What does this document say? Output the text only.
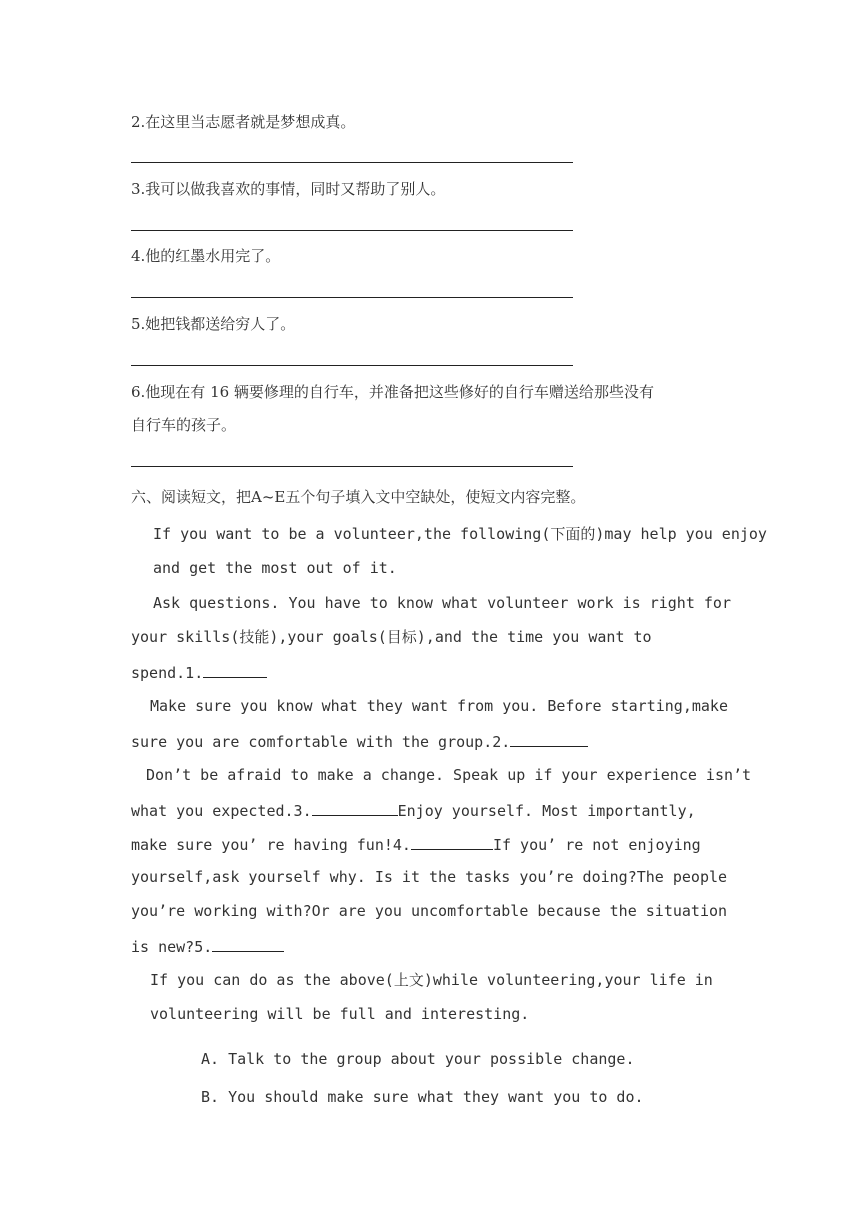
2.在这里当志愿者就是梦想成真。
3.我可以做我喜欢的事情，同时又帮助了别人。
4.他的红墨水用完了。
5.她把钱都送给穷人了。
6.他现在有 16 辆要修理的自行车，并准备把这些修好的自行车赠送给那些没有
自行车的孩子。
六、阅读短文，把A~E五个句子填入文中空缺处，使短文内容完整。
If you want to be a volunteer,the following(下面的)may help you enjoy
and get the most out of it.
Ask questions. You have to know what volunteer work is right for
your skills(技能),your goals(目标),and the time you want to
spend.1.
Make sure you know what they want from you. Before starting,make
sure you are comfortable with the group.2.
Don’t be afraid to make a change. Speak up if your experience isn’t
what you expected.3.	Enjoy yourself. Most importantly,
make sure you’ re having fun!4.	If you’ re not enjoying
yourself,ask yourself why. Is it the tasks you’re doing?The people
you’re working with?Or are you uncomfortable because the situation
is new?5.
If you can do as the above(上文)while volunteering,your life in
volunteering will be full and interesting.
A. Talk to the group about your possible change.
B. You should make sure what they want you to do.
